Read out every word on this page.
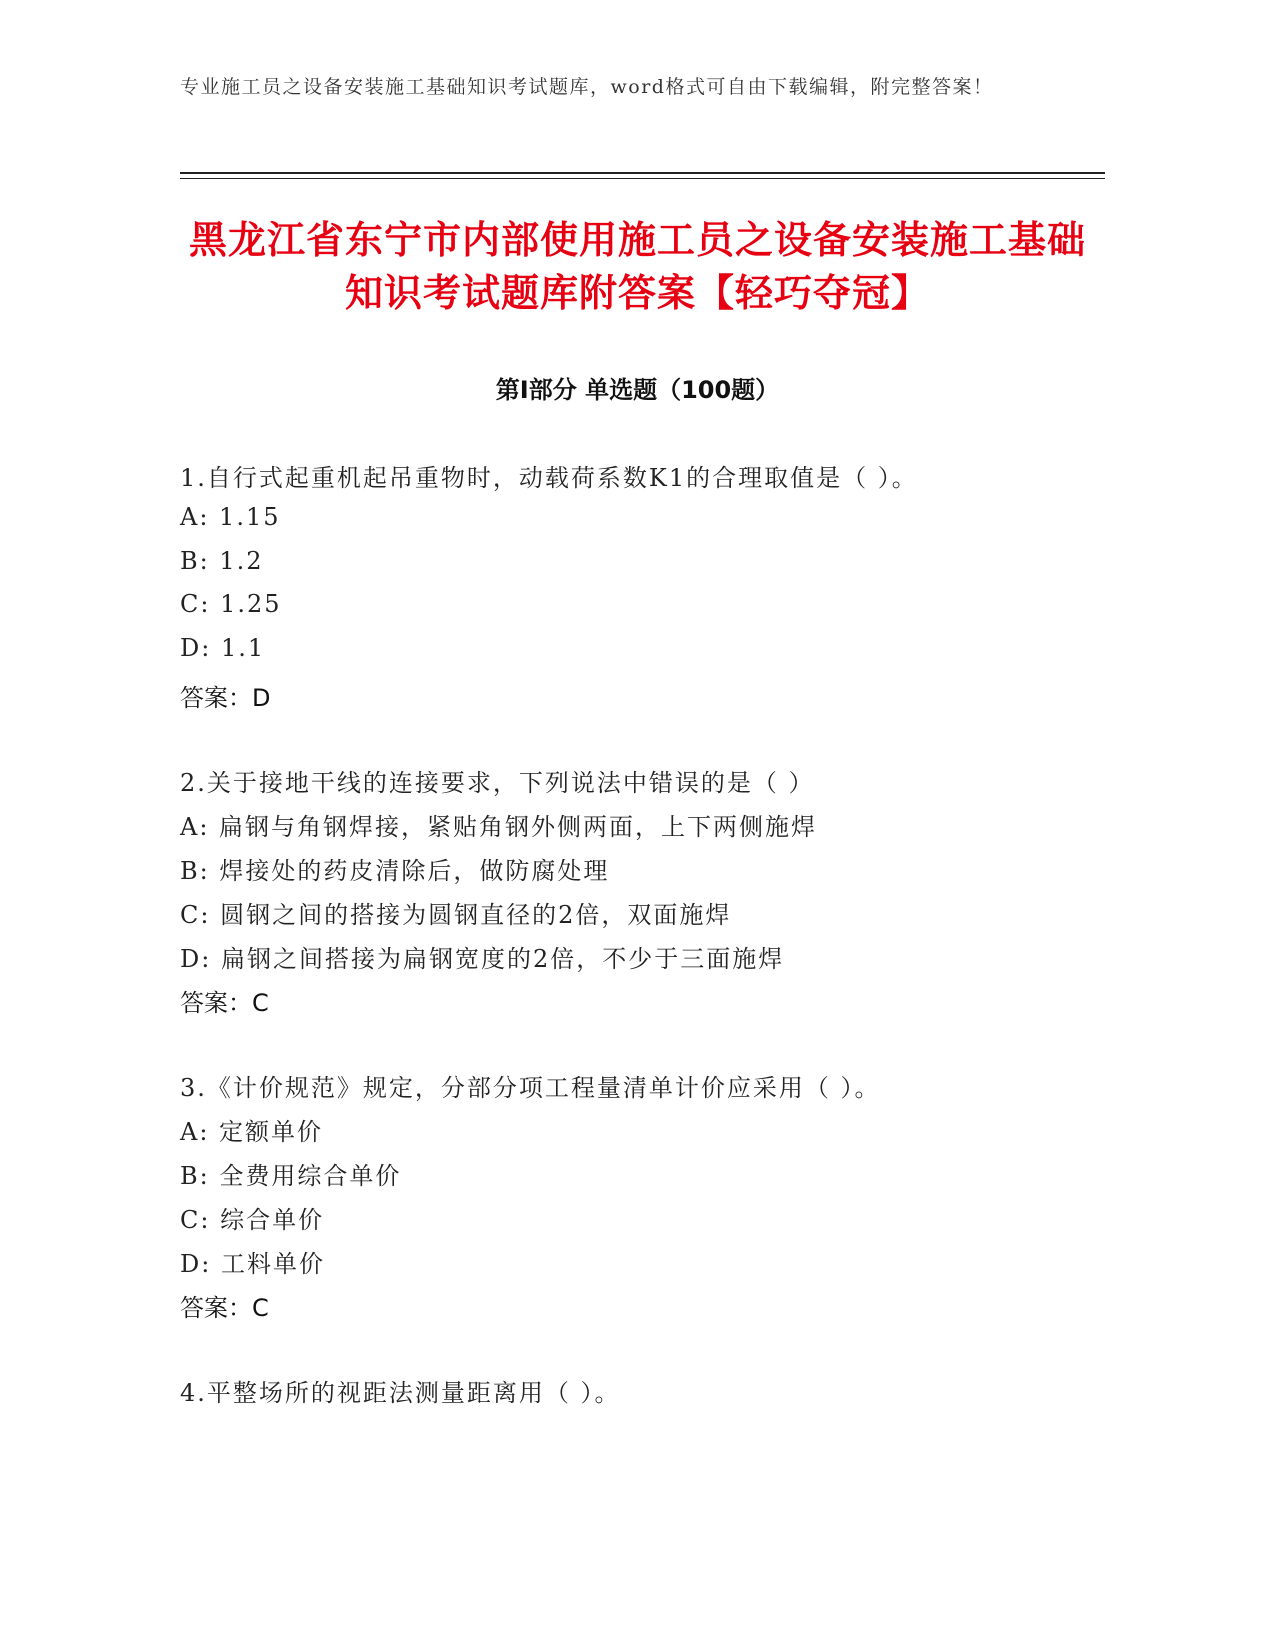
专业施工员之设备安装施工基础知识考试题库，word格式可自由下载编辑，附完整答案！
黑龙江省东宁市内部使用施工员之设备安装施工基础知识考试题库附答案【轻巧夺冠】
第Ⅰ部分 单选题（100题）
1.自行式起重机起吊重物时，动载荷系数K1的合理取值是（ ）。
A: 1.15
B: 1.2
C: 1.25
D: 1.1
答案：D
2.关于接地干线的连接要求，下列说法中错误的是（ ）
A: 扁钢与角钢焊接，紧贴角钢外侧两面，上下两侧施焊
B: 焊接处的药皮清除后，做防腐处理
C: 圆钢之间的搭接为圆钢直径的2倍，双面施焊
D: 扁钢之间搭接为扁钢宽度的2倍，不少于三面施焊
答案：C
3.《计价规范》规定，分部分项工程量清单计价应采用（ ）。
A: 定额单价
B: 全费用综合单价
C: 综合单价
D: 工料单价
答案：C
4.平整场所的视距法测量距离用（ ）。
